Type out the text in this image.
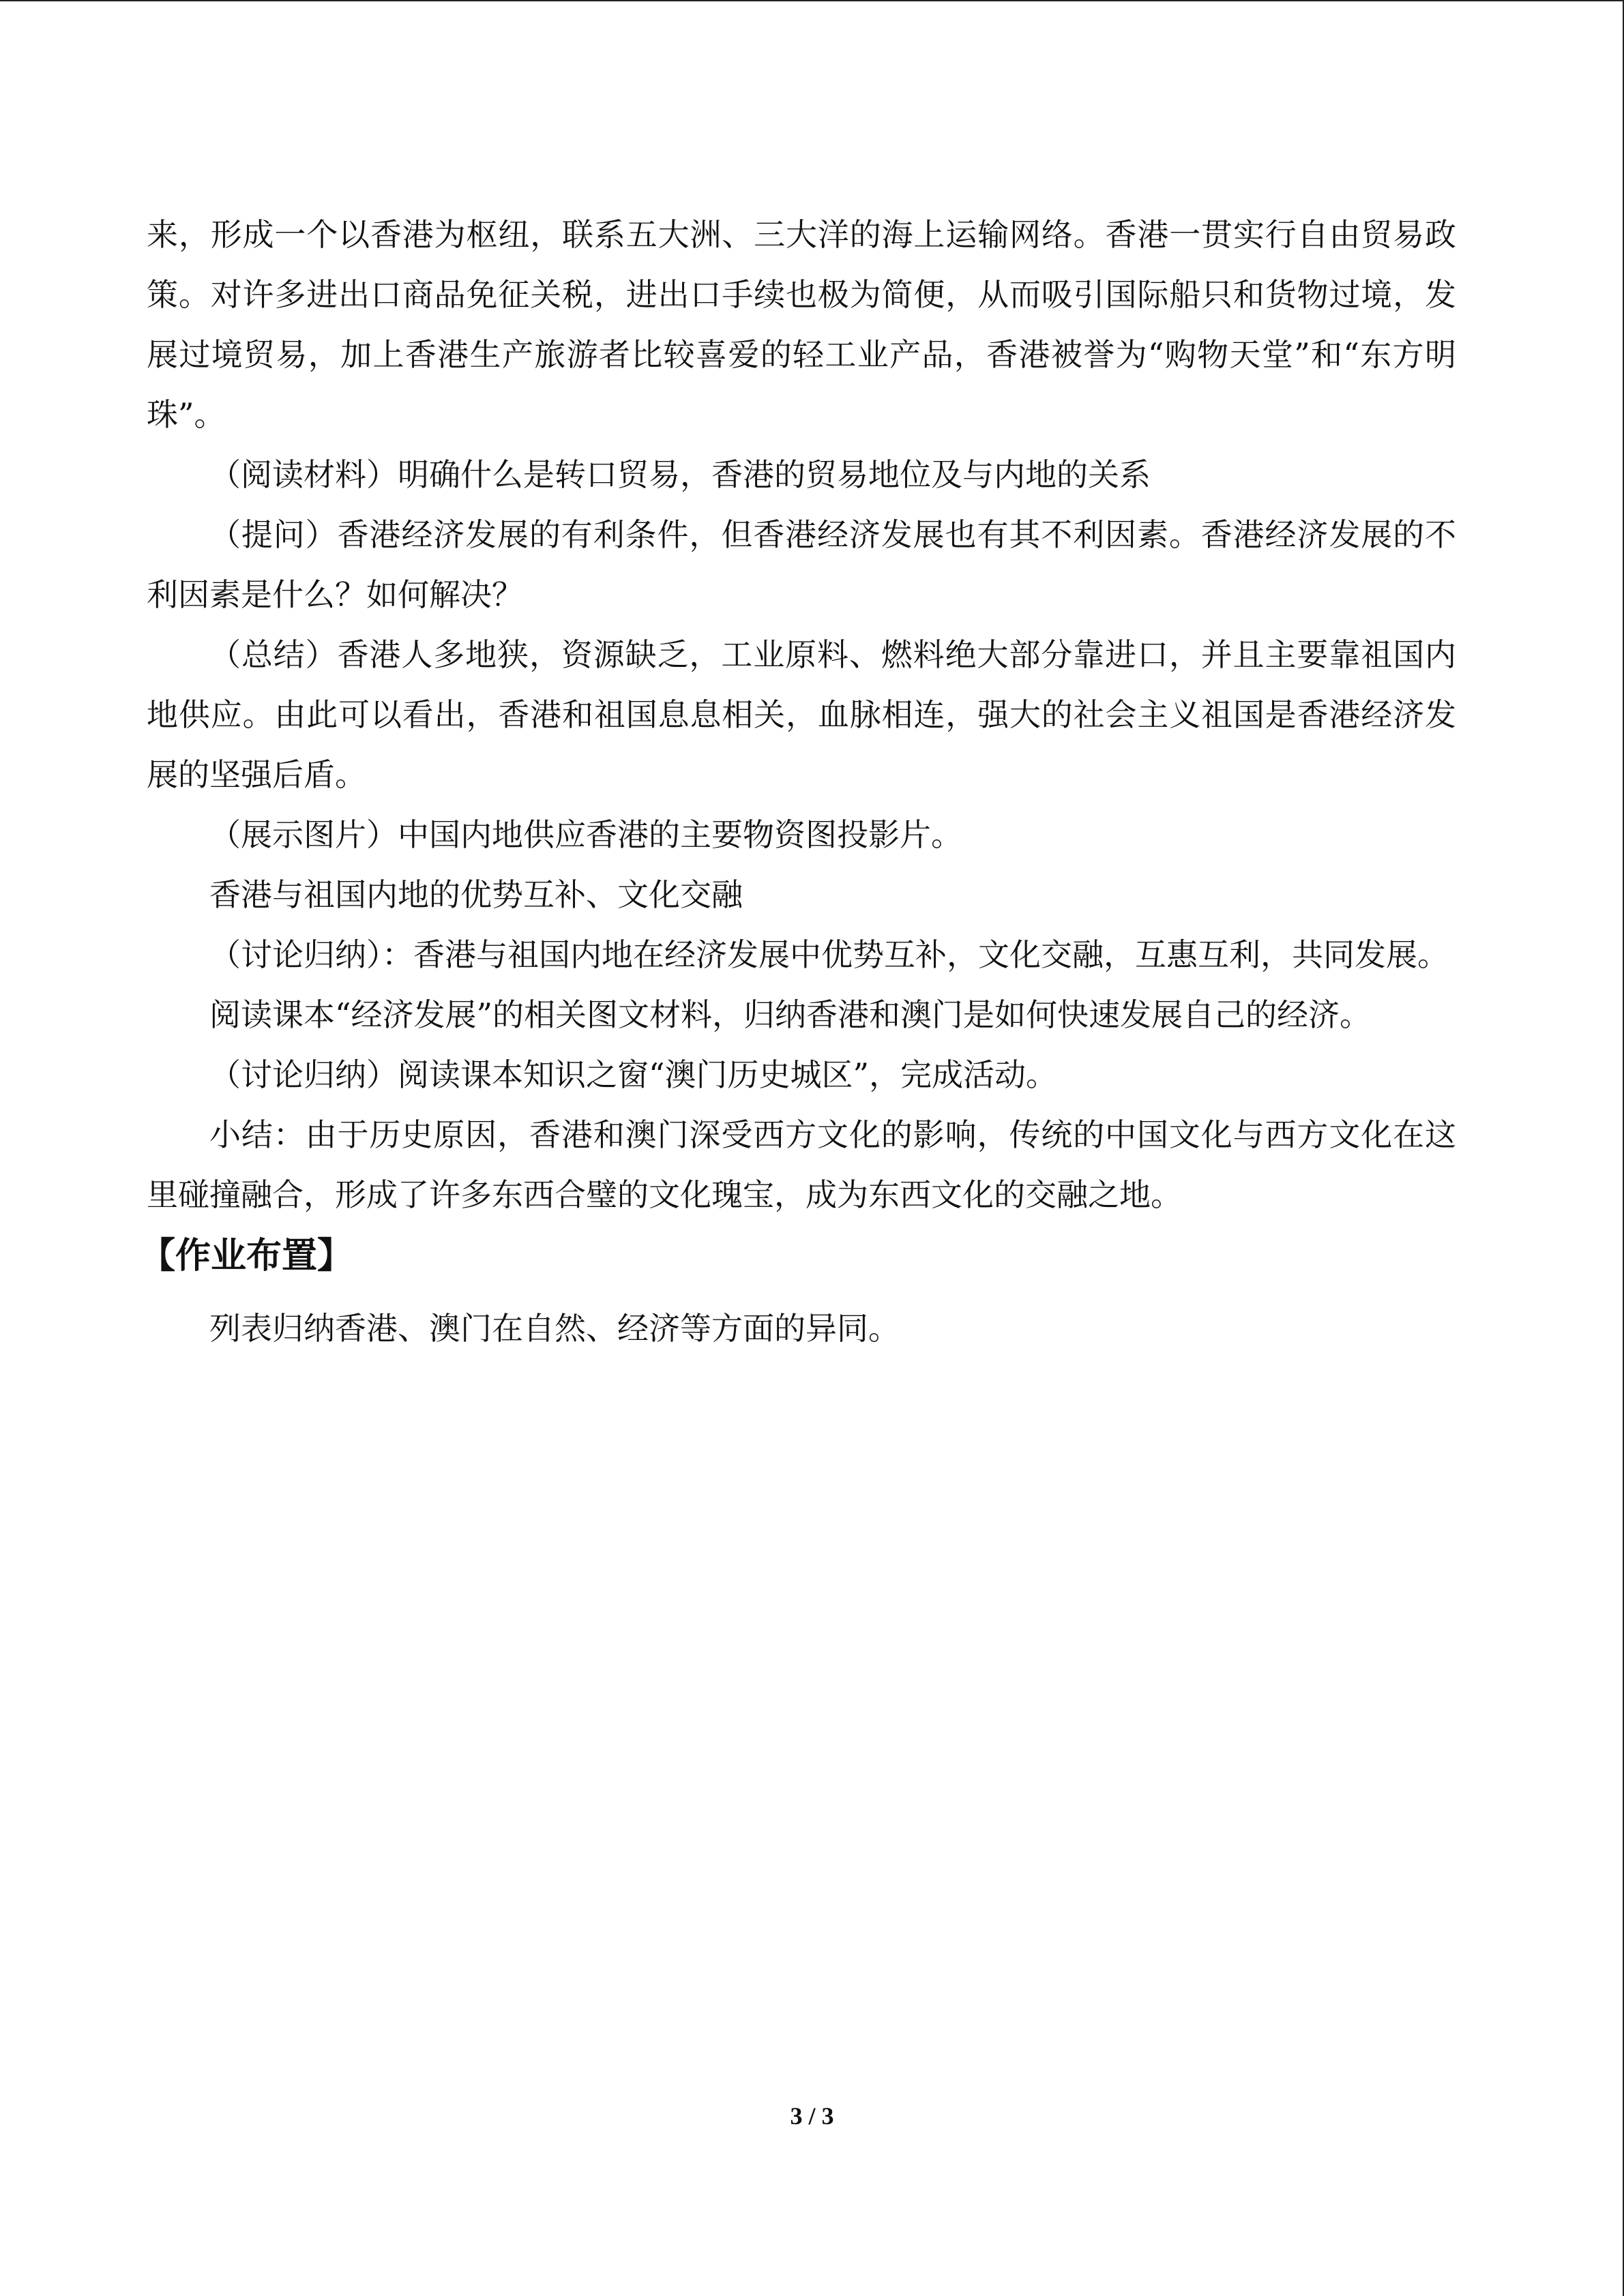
来，形成一个以香港为枢纽，联系五大洲、三大洋的海上运输网络。香港一贯实行自由贸易政策。对许多进出口商品免征关税，进出口手续也极为简便，从而吸引国际船只和货物过境，发展过境贸易，加上香港生产旅游者比较喜爱的轻工业产品，香港被誉为“购物天堂”和“东方明珠”。

（阅读材料）明确什么是转口贸易，香港的贸易地位及与内地的关系

（提问）香港经济发展的有利条件，但香港经济发展也有其不利因素。香港经济发展的不利因素是什么？如何解决？

（总结）香港人多地狭，资源缺乏，工业原料、燃料绝大部分靠进口，并且主要靠祖国内地供应。由此可以看出，香港和祖国息息相关，血脉相连，强大的社会主义祖国是香港经济发展的坚强后盾。

（展示图片）中国内地供应香港的主要物资图投影片。

香港与祖国内地的优势互补、文化交融

（讨论归纳）：香港与祖国内地在经济发展中优势互补，文化交融，互惠互利，共同发展。

阅读课本“经济发展”的相关图文材料，归纳香港和澳门是如何快速发展自己的经济。

（讨论归纳）阅读课本知识之窗“澳门历史城区”，完成活动。

小结：由于历史原因，香港和澳门深受西方文化的影响，传统的中国文化与西方文化在这里碰撞融合，形成了许多东西合璧的文化瑰宝，成为东西文化的交融之地。

【作业布置】

列表归纳香港、澳门在自然、经济等方面的异同。

3 / 3
